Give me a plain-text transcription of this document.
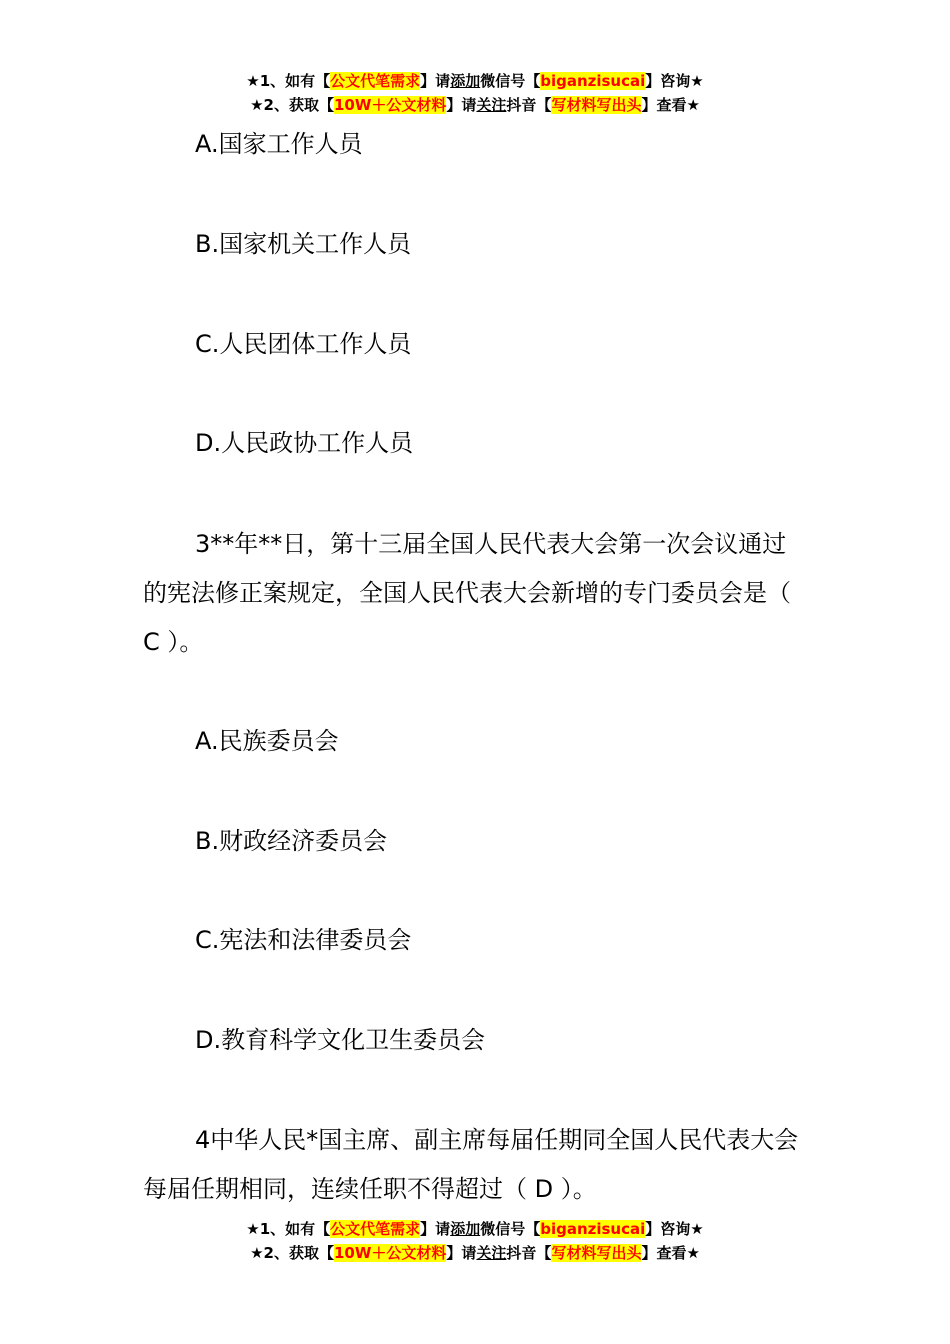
★1、如有【公文代笔需求】请添加微信号【biganzisucai】咨询★
★2、获取【10W＋公文材料】请关注抖音【写材料写出头】查看★

A.国家工作人员

B.国家机关工作人员

C.人民团体工作人员

D.人民政协工作人员

3**年**日，第十三届全国人民代表大会第一次会议通过的宪法修正案规定，全国人民代表大会新增的专门委员会是（ C ）。

A.民族委员会

B.财政经济委员会

C.宪法和法律委员会

D.教育科学文化卫生委员会

4中华人民*国主席、副主席每届任期同全国人民代表大会每届任期相同，连续任职不得超过（ D ）。

★1、如有【公文代笔需求】请添加微信号【biganzisucai】咨询★
★2、获取【10W＋公文材料】请关注抖音【写材料写出头】查看★
